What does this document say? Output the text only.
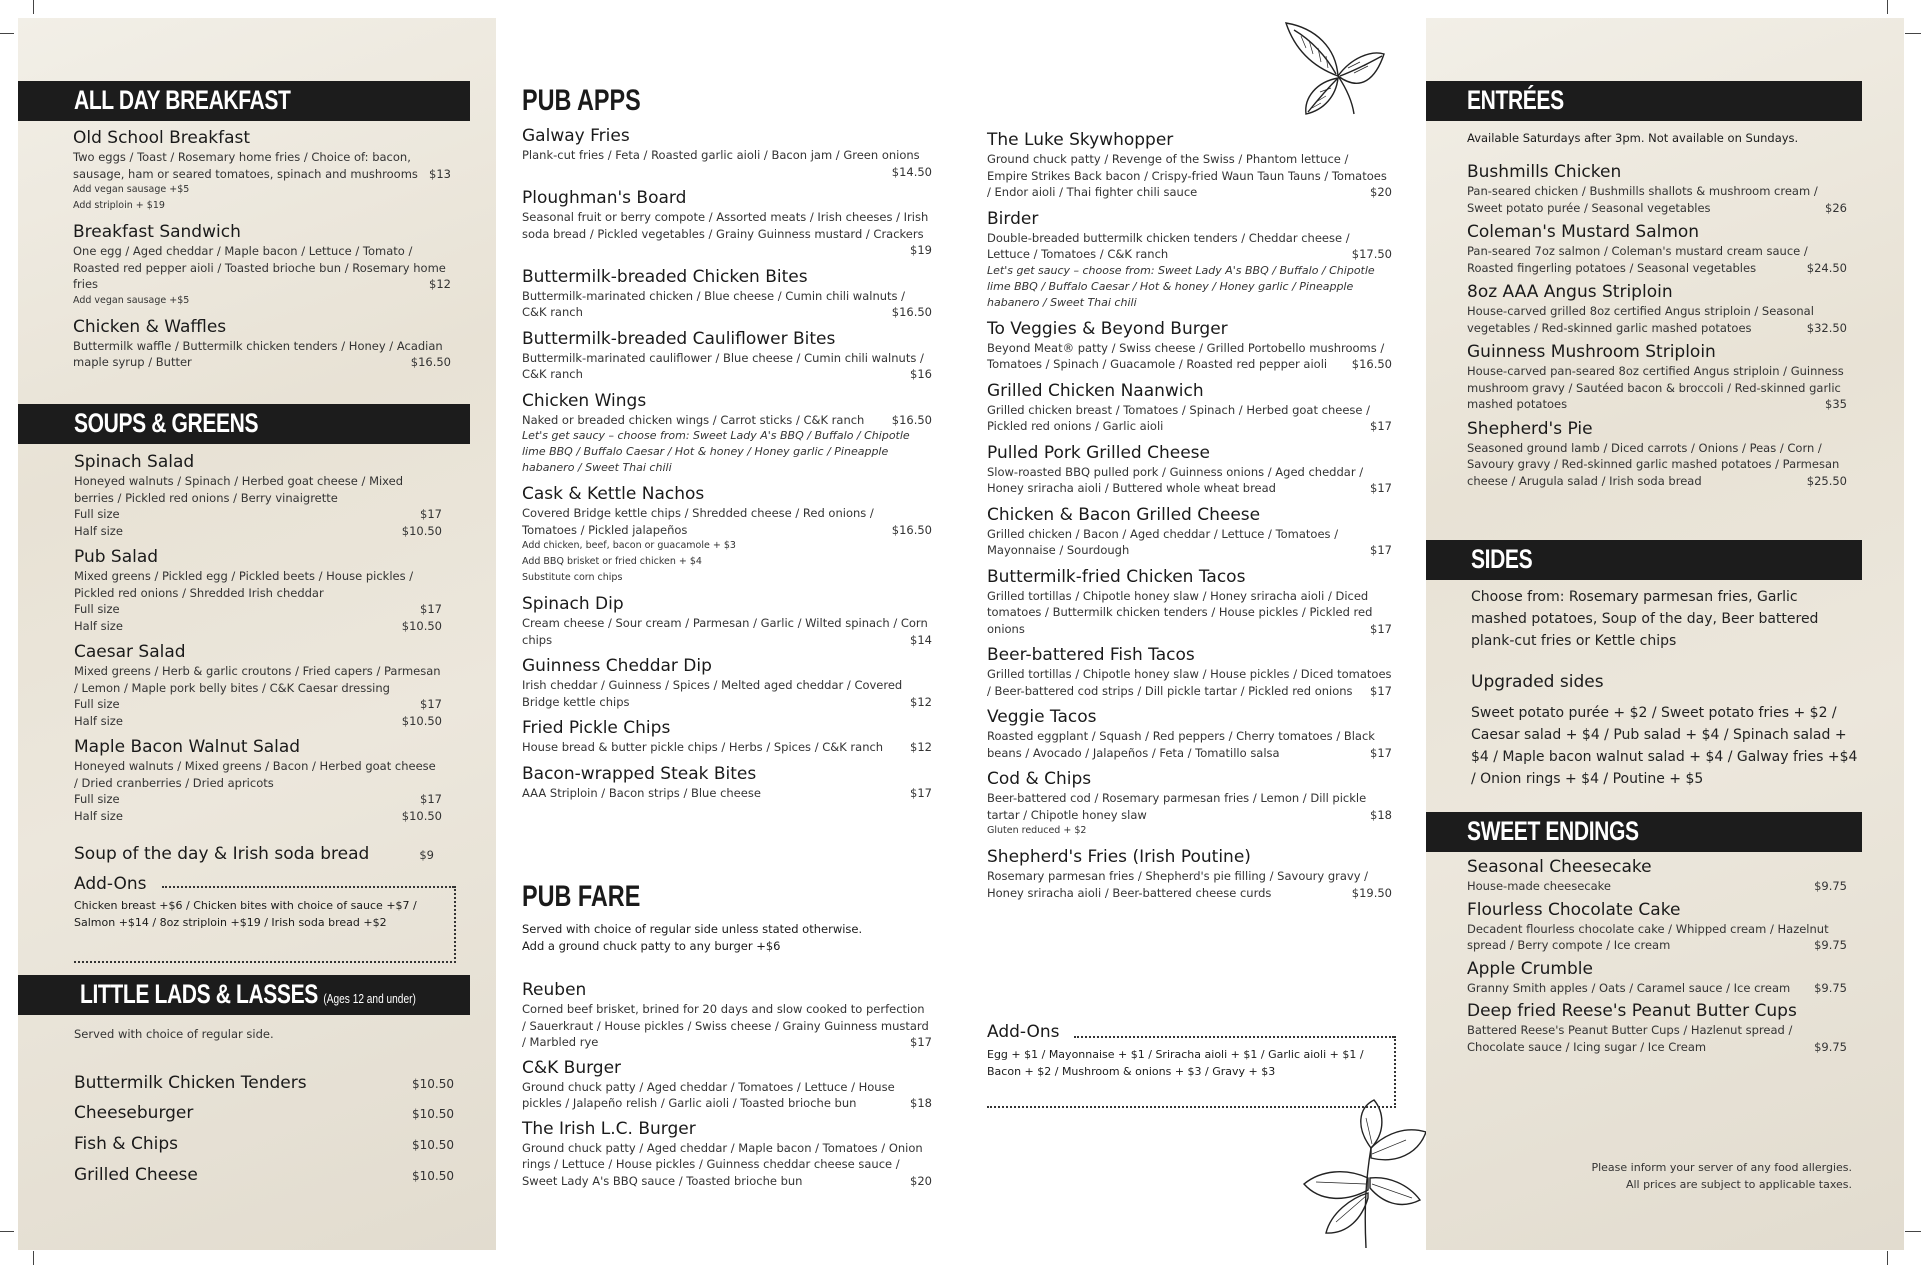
ALL DAY BREAKFAST
Old School Breakfast
Two eggs / Toast / Rosemary home fries / Choice of: bacon, sausage, ham or seared tomatoes, spinach and mushrooms $13
Add vegan sausage +$5
Add striploin + $19
Breakfast Sandwich
One egg / Aged cheddar / Maple bacon / Lettuce / Tomato / Roasted red pepper aioli / Toasted brioche bun / Rosemary home fries	$12
Add vegan sausage +$5
Chicken & Waffles
Buttermilk waffle / Buttermilk chicken tenders / Honey / Acadian maple syrup / Butter	$16.50
SOUPS & GREENS
Spinach Salad
Honeyed walnuts / Spinach / Herbed goat cheese / Mixed berries / Pickled red onions / Berry vinaigrette
Full size	$17
Half size	$10.50
Pub Salad
Mixed greens / Pickled egg / Pickled beets / House pickles / Pickled red onions / Shredded Irish cheddar
Full size	$17
Half size	$10.50
Caesar Salad
Mixed greens / Herb & garlic croutons / Fried capers / Parmesan / Lemon / Maple pork belly bites / C&K Caesar dressing
Full size	$17
Half size	$10.50
Maple Bacon Walnut Salad
Honeyed walnuts / Mixed greens / Bacon / Herbed goat cheese / Dried cranberries / Dried apricots
Full size	$17
Half size	$10.50
Soup of the day & Irish soda bread	$9
Add-Ons
Chicken breast +$6 / Chicken bites with choice of sauce +$7 / Salmon +$14 / 8oz striploin +$19 / Irish soda bread +$2
LITTLE LADS & LASSES (Ages 12 and under)
Served with choice of regular side.
Buttermilk Chicken Tenders	$10.50
Cheeseburger	$10.50
Fish & Chips	$10.50
Grilled Cheese	$10.50
PUB APPS
Galway Fries
Plank-cut fries / Feta / Roasted garlic aioli / Bacon jam / Green onions
$14.50
Ploughman's Board
Seasonal fruit or berry compote / Assorted meats / Irish cheeses / Irish soda bread / Pickled vegetables / Grainy Guinness mustard / Crackers
$19
Buttermilk-breaded Chicken Bites
Buttermilk-marinated chicken / Blue cheese / Cumin chili walnuts / C&K ranch	$16.50
Buttermilk-breaded Cauliflower Bites
Buttermilk-marinated cauliflower / Blue cheese / Cumin chili walnuts / C&K ranch	$16
Chicken Wings
Naked or breaded chicken wings / Carrot sticks / C&K ranch $16.50
Let's get saucy – choose from: Sweet Lady A's BBQ / Buffalo / Chipotle lime BBQ / Buffalo Caesar / Hot & honey / Honey garlic / Pineapple habanero / Sweet Thai chili
Cask & Kettle Nachos
Covered Bridge kettle chips / Shredded cheese / Red onions / Tomatoes / Pickled jalapeños	$16.50
Add chicken, beef, bacon or guacamole + $3
Add BBQ brisket or fried chicken + $4
Substitute corn chips
Spinach Dip
Cream cheese / Sour cream / Parmesan / Garlic / Wilted spinach / Corn chips	$14
Guinness Cheddar Dip
Irish cheddar / Guinness / Spices / Melted aged cheddar / Covered Bridge kettle chips	$12
Fried Pickle Chips
House bread & butter pickle chips / Herbs / Spices / C&K ranch $12
Bacon-wrapped Steak Bites
AAA Striploin / Bacon strips / Blue cheese	$17
PUB FARE
Served with choice of regular side unless stated otherwise.
Add a ground chuck patty to any burger +$6
Reuben
Corned beef brisket, brined for 20 days and slow cooked to perfection / Sauerkraut / House pickles / Swiss cheese / Grainy Guinness mustard / Marbled rye	$17
C&K Burger
Ground chuck patty / Aged cheddar / Tomatoes / Lettuce / House pickles / Jalapeño relish / Garlic aioli / Toasted brioche bun	$18
The Irish L.C. Burger
Ground chuck patty / Aged cheddar / Maple bacon / Tomatoes / Onion rings / Lettuce / House pickles / Guinness cheddar cheese sauce / Sweet Lady A's BBQ sauce / Toasted brioche bun	$20
The Luke Skywhopper
Ground chuck patty / Revenge of the Swiss / Phantom lettuce / Empire Strikes Back bacon / Crispy-fried Waun Taun Tauns / Tomatoes / Endor aioli / Thai fighter chili sauce	$20
Birder
Double-breaded buttermilk chicken tenders / Cheddar cheese / Lettuce / Tomatoes / C&K ranch	$17.50
Let's get saucy – choose from: Sweet Lady A's BBQ / Buffalo / Chipotle lime BBQ / Buffalo Caesar / Hot & honey / Honey garlic / Pineapple habanero / Sweet Thai chili
To Veggies & Beyond Burger
Beyond Meat® patty / Swiss cheese / Grilled Portobello mushrooms / Tomatoes / Spinach / Guacamole / Roasted red pepper aioli $16.50
Grilled Chicken Naanwich
Grilled chicken breast / Tomatoes / Spinach / Herbed goat cheese / Pickled red onions / Garlic aioli	$17
Pulled Pork Grilled Cheese
Slow-roasted BBQ pulled pork / Guinness onions / Aged cheddar / Honey sriracha aioli / Buttered whole wheat bread	$17
Chicken & Bacon Grilled Cheese
Grilled chicken / Bacon / Aged cheddar / Lettuce / Tomatoes / Mayonnaise / Sourdough	$17
Buttermilk-fried Chicken Tacos
Grilled tortillas / Chipotle honey slaw / Honey sriracha aioli / Diced tomatoes / Buttermilk chicken tenders / House pickles / Pickled red onions	$17
Beer-battered Fish Tacos
Grilled tortillas / Chipotle honey slaw / House pickles / Diced tomatoes / Beer-battered cod strips / Dill pickle tartar / Pickled red onions $17
Veggie Tacos
Roasted eggplant / Squash / Red peppers / Cherry tomatoes / Black beans / Avocado / Jalapeños / Feta / Tomatillo salsa	$17
Cod & Chips
Beer-battered cod / Rosemary parmesan fries / Lemon / Dill pickle tartar / Chipotle honey slaw	$18
Gluten reduced + $2
Shepherd's Fries (Irish Poutine)
Rosemary parmesan fries / Shepherd's pie filling / Savoury gravy / Honey sriracha aioli / Beer-battered cheese curds	$19.50
Add-Ons
Egg + $1 / Mayonnaise + $1 / Sriracha aioli + $1 / Garlic aioli + $1 / Bacon + $2 / Mushroom & onions + $3 / Gravy + $3
ENTRÉES
Available Saturdays after 3pm. Not available on Sundays.
Bushmills Chicken
Pan-seared chicken / Bushmills shallots & mushroom cream / Sweet potato purée / Seasonal vegetables	$26
Coleman's Mustard Salmon
Pan-seared 7oz salmon / Coleman's mustard cream sauce / Roasted fingerling potatoes / Seasonal vegetables	$24.50
8oz AAA Angus Striploin
House-carved grilled 8oz certified Angus striploin / Seasonal vegetables / Red-skinned garlic mashed potatoes	$32.50
Guinness Mushroom Striploin
House-carved pan-seared 8oz certified Angus striploin / Guinness mushroom gravy / Sautéed bacon & broccoli / Red-skinned garlic mashed potatoes	$35
Shepherd's Pie
Seasoned ground lamb / Diced carrots / Onions / Peas / Corn / Savoury gravy / Red-skinned garlic mashed potatoes / Parmesan cheese / Arugula salad / Irish soda bread	$25.50
SIDES
Choose from: Rosemary parmesan fries, Garlic mashed potatoes, Soup of the day, Beer battered plank-cut fries or Kettle chips
Upgraded sides
Sweet potato purée + $2 / Sweet potato fries + $2 / Caesar salad + $4 / Pub salad + $4 / Spinach salad + $4 / Maple bacon walnut salad + $4 / Galway fries +$4 / Onion rings + $4 / Poutine + $5
SWEET ENDINGS
Seasonal Cheesecake
House-made cheesecake	$9.75
Flourless Chocolate Cake
Decadent flourless chocolate cake / Whipped cream / Hazelnut spread / Berry compote / Ice cream	$9.75
Apple Crumble
Granny Smith apples / Oats / Caramel sauce / Ice cream $9.75
Deep fried Reese's Peanut Butter Cups
Battered Reese's Peanut Butter Cups / Hazlenut spread / Chocolate sauce / Icing sugar / Ice Cream	$9.75
Please inform your server of any food allergies.
All prices are subject to applicable taxes.
